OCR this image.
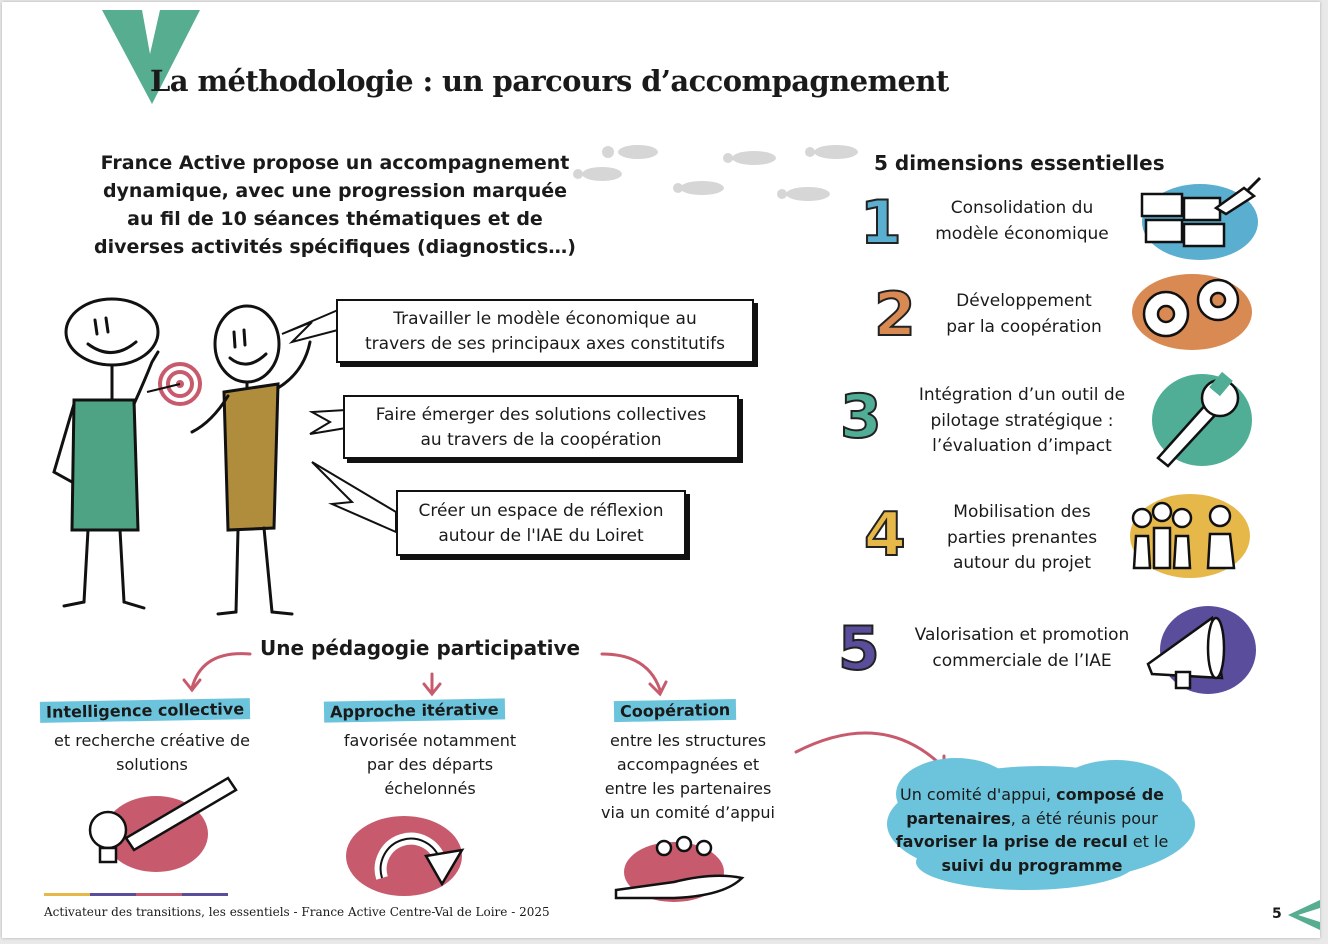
La méthodologie : un parcours d’accompagnement
France Active propose un accompagnement
dynamique, avec une progression marquée
au fil de 10 séances thématiques et de
diverses activités spécifiques (diagnostics…)
Travailler le modèle économique au
travers de ses principaux axes constitutifs
Faire émerger des solutions collectives
au travers de la coopération
Créer un espace de réflexion
autour de l'IAE du Loiret
5 dimensions essentielles
1	Consolidation du
modèle économique
2	Développement
par la coopération
3	Intégration d’un outil de
pilotage stratégique :
l’évaluation d’impact
4	Mobilisation des
parties prenantes
autour du projet
5	Valorisation et promotion
commerciale de l’IAE
Une pédagogie participative
Intelligence collective
et recherche créative de
solutions
Approche itérative
favorisée notamment
par des départs
échelonnés
Coopération
entre les structures
accompagnées et
entre les partenaires
via un comité d’appui
Un comité d'appui, composé de partenaires, a été réunis pour favoriser la prise de recul et le suivi du programme
Activateur des transitions, les essentiels - France Active Centre-Val de Loire - 2025	5
